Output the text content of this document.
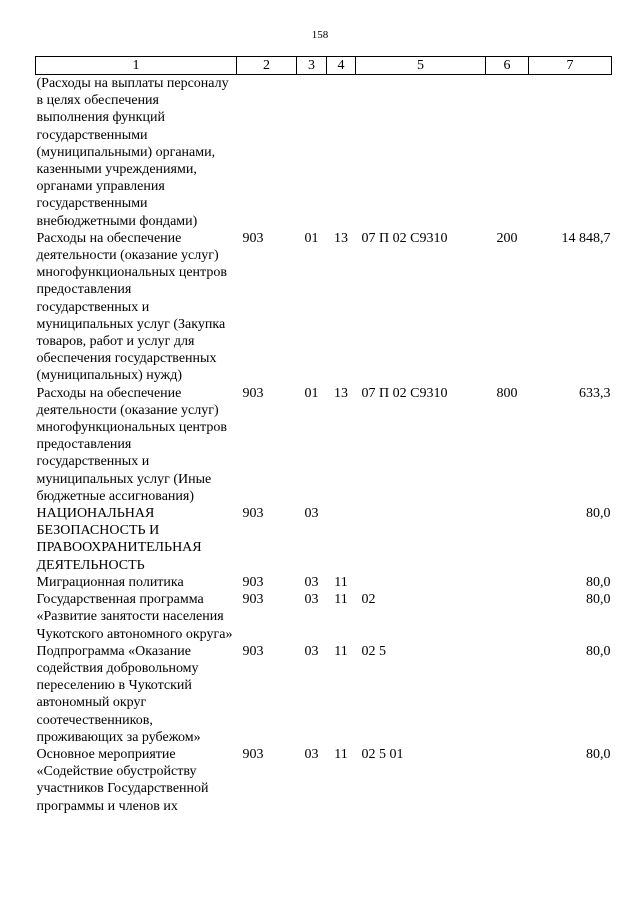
158
1	2	3	4	5	6	7
(Расходы на выплаты персоналу в целях обеспечения выполнения функций государственными (муниципальными) органами, казенными учреждениями, органами управления государственными внебюджетными фондами)						
Расходы на обеспечение деятельности (оказание услуг) многофункциональных центров предоставления государственных и муниципальных услуг (Закупка товаров, работ и услуг для обеспечения государственных (муниципальных) нужд)	903	01	13	07 П 02 С9310	200	14 848,7
Расходы на обеспечение деятельности (оказание услуг) многофункциональных центров предоставления государственных и муниципальных услуг (Иные бюджетные ассигнования)	903	01	13	07 П 02 С9310	800	633,3
НАЦИОНАЛЬНАЯ БЕЗОПАСНОСТЬ И ПРАВООХРАНИТЕЛЬНАЯ ДЕЯТЕЛЬНОСТЬ	903	03				80,0
Миграционная политика	903	03	11			80,0
Государственная программа «Развитие занятости населения Чукотского автономного округа»	903	03	11	02		80,0
Подпрограмма «Оказание содействия добровольному переселению в Чукотский автономный округ соотечественников, проживающих за рубежом»	903	03	11	02 5		80,0
Основное мероприятие «Содействие обустройству участников Государственной программы и членов их	903	03	11	02 5 01		80,0
